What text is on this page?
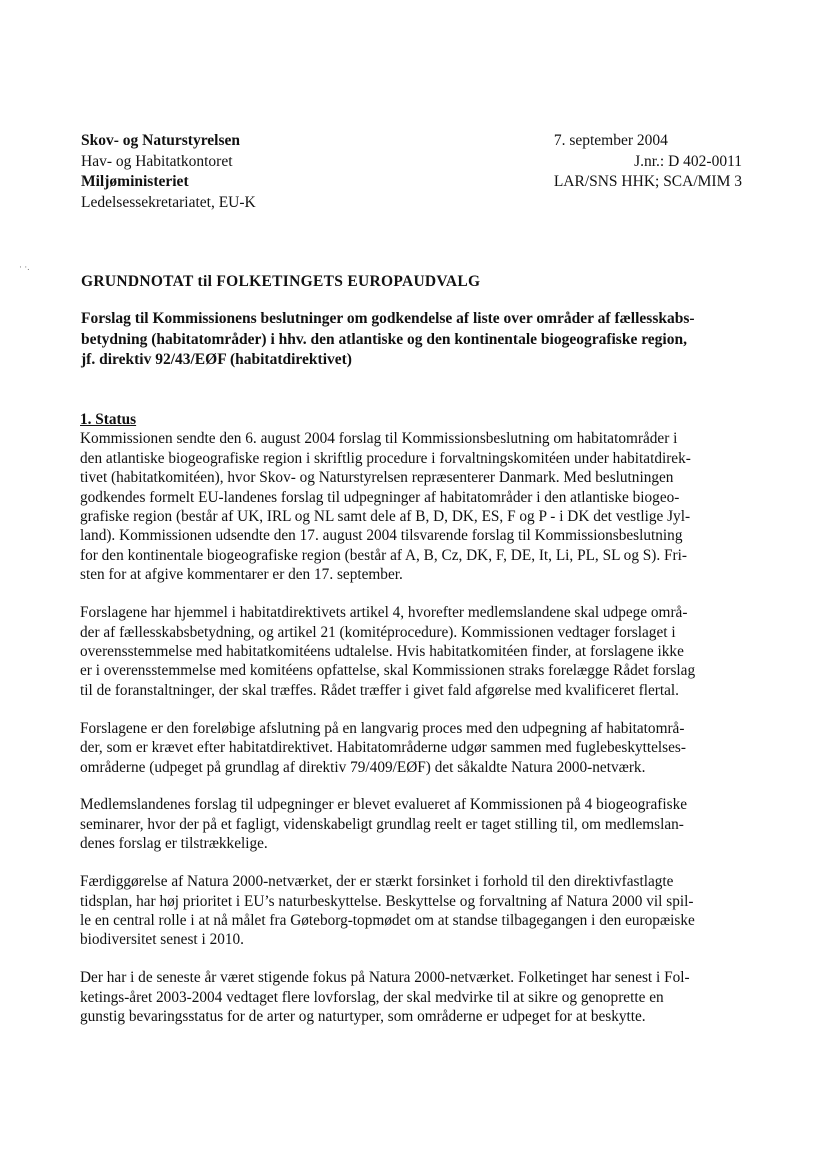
Skov- og Naturstyrelsen
Hav- og Habitatkontoret
Miljøministeriet
Ledelsessekretariatet, EU-K
7. september 2004
J.nr.: D 402-0011
LAR/SNS HHK; SCA/MIM 3
· ·.
GRUNDNOTAT til FOLKETINGETS EUROPAUDVALG
Forslag til Kommissionens beslutninger om godkendelse af liste over områder af fællesskabs-
betydning (habitatområder) i hhv. den atlantiske og den kontinentale biogeografiske region,
jf. direktiv 92/43/EØF (habitatdirektivet)
1. Status
Kommissionen sendte den 6. august 2004 forslag til Kommissionsbeslutning om habitatområder i
den atlantiske biogeografiske region i skriftlig procedure i forvaltningskomitéen under habitatdirek-
tivet (habitatkomitéen), hvor Skov- og Naturstyrelsen repræsenterer Danmark. Med beslutningen
godkendes formelt EU-landenes forslag til udpegninger af habitatområder i den atlantiske biogeo-
grafiske region (består af UK, IRL og NL samt dele af B, D, DK, ES, F og P - i DK det vestlige Jyl-
land). Kommissionen udsendte den 17. august 2004 tilsvarende forslag til Kommissionsbeslutning
for den kontinentale biogeografiske region (består af A, B, Cz, DK, F, DE, It, Li, PL, SL og S). Fri-
sten for at afgive kommentarer er den 17. september.
Forslagene har hjemmel i habitatdirektivets artikel 4, hvorefter medlemslandene skal udpege områ-
der af fællesskabsbetydning, og artikel 21 (komitéprocedure). Kommissionen vedtager forslaget i
overensstemmelse med habitatkomitéens udtalelse. Hvis habitatkomitéen finder, at forslagene ikke
er i overensstemmelse med komitéens opfattelse, skal Kommissionen straks forelægge Rådet forslag
til de foranstaltninger, der skal træffes. Rådet træffer i givet fald afgørelse med kvalificeret flertal.
Forslagene er den foreløbige afslutning på en langvarig proces med den udpegning af habitatområ-
der, som er krævet efter habitatdirektivet. Habitatområderne udgør sammen med fuglebeskyttelses-
områderne (udpeget på grundlag af direktiv 79/409/EØF) det såkaldte Natura 2000-netværk.
Medlemslandenes forslag til udpegninger er blevet evalueret af Kommissionen på 4 biogeografiske
seminarer, hvor der på et fagligt, videnskabeligt grundlag reelt er taget stilling til, om medlemslan-
denes forslag er tilstrækkelige.
Færdiggørelse af Natura 2000-netværket, der er stærkt forsinket i forhold til den direktivfastlagte
tidsplan, har høj prioritet i EU’s naturbeskyttelse. Beskyttelse og forvaltning af Natura 2000 vil spil-
le en central rolle i at nå målet fra Gøteborg-topmødet om at standse tilbagegangen i den europæiske
biodiversitet senest i 2010.
Der har i de seneste år været stigende fokus på Natura 2000-netværket. Folketinget har senest i Fol-
ketings-året 2003-2004 vedtaget flere lovforslag, der skal medvirke til at sikre og genoprette en
gunstig bevaringsstatus for de arter og naturtyper, som områderne er udpeget for at beskytte.
